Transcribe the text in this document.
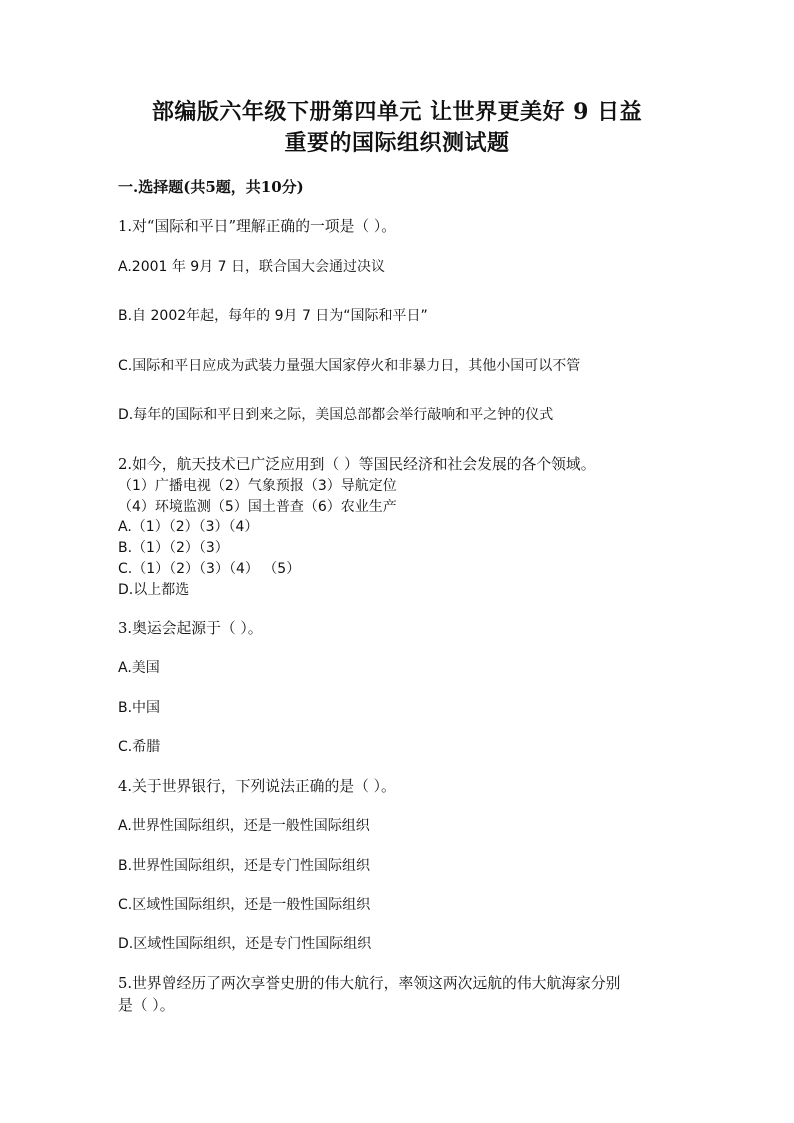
部编版六年级下册第四单元 让世界更美好 9 日益
重要的国际组织测试题
一.选择题(共5题，共10分)
1.对“国际和平日”理解正确的一项是（ ）。
A.2001 年 9月 7 日，联合国大会通过决议
B.自 2002年起，每年的 9月 7 日为“国际和平日”
C.国际和平日应成为武装力量强大国家停火和非暴力日，其他小国可以不管
D.每年的国际和平日到来之际，美国总部都会举行敲响和平之钟的仪式
2.如今，航天技术已广泛应用到（ ）等国民经济和社会发展的各个领域。
（1）广播电视（2）气象预报（3）导航定位
（4）环境监测（5）国土普查（6）农业生产
A.（1）（2）（3）（4）
B.（1）（2）（3）
C.（1）（2）（3）（4） （5）
D.以上都选
3.奥运会起源于（ ）。
A.美国
B.中国
C.希腊
4.关于世界银行，下列说法正确的是（ ）。
A.世界性国际组织，还是一般性国际组织
B.世界性国际组织，还是专门性国际组织
C.区域性国际组织，还是一般性国际组织
D.区域性国际组织，还是专门性国际组织
5.世界曾经历了两次享誉史册的伟大航行，率领这两次远航的伟大航海家分别
是（ ）。
